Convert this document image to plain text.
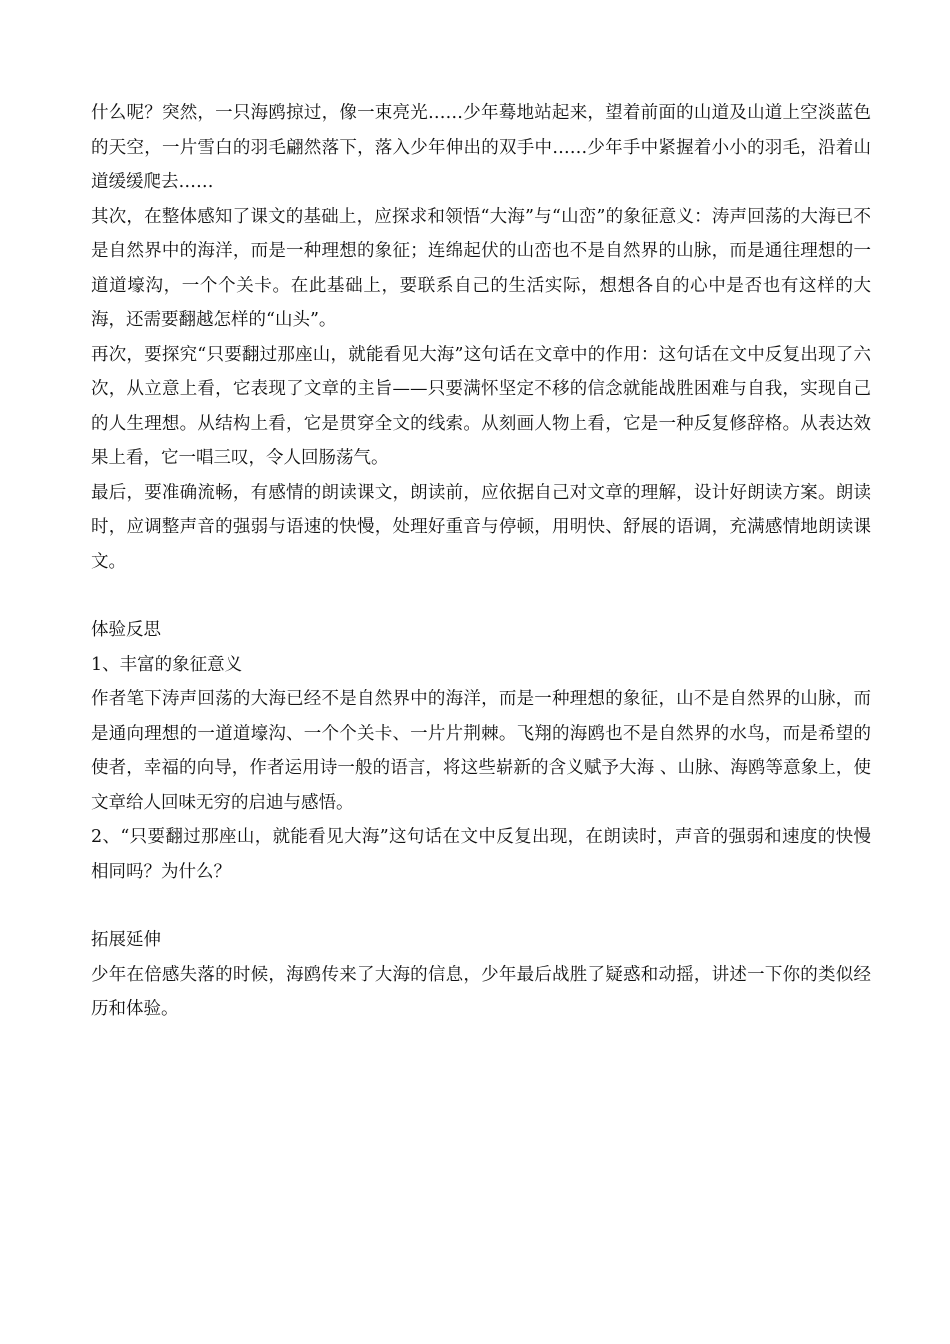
什么呢？突然，一只海鸥掠过，像一束亮光……少年蓦地站起来，望着前面的山道及山道上空淡蓝色的天空，一片雪白的羽毛翩然落下，落入少年伸出的双手中……少年手中紧握着小小的羽毛，沿着山道缓缓爬去……

其次，在整体感知了课文的基础上，应探求和领悟“大海”与“山峦”的象征意义：涛声回荡的大海已不是自然界中的海洋，而是一种理想的象征；连绵起伏的山峦也不是自然界的山脉，而是通往理想的一道道壕沟，一个个关卡。在此基础上，要联系自己的生活实际，想想各自的心中是否也有这样的大海，还需要翻越怎样的“山头”。

再次，要探究“只要翻过那座山，就能看见大海”这句话在文章中的作用：这句话在文中反复出现了六次，从立意上看，它表现了文章的主旨——只要满怀坚定不移的信念就能战胜困难与自我，实现自己的人生理想。从结构上看，它是贯穿全文的线索。从刻画人物上看，它是一种反复修辞格。从表达效果上看，它一唱三叹，令人回肠荡气。

最后，要准确流畅，有感情的朗读课文，朗读前，应依据自己对文章的理解，设计好朗读方案。朗读时，应调整声音的强弱与语速的快慢，处理好重音与停顿，用明快、舒展的语调，充满感情地朗读课文。

体验反思

1、丰富的象征意义

作者笔下涛声回荡的大海已经不是自然界中的海洋，而是一种理想的象征，山不是自然界的山脉，而是通向理想的一道道壕沟、一个个关卡、一片片荆棘。飞翔的海鸥也不是自然界的水鸟，而是希望的使者，幸福的向导，作者运用诗一般的语言，将这些崭新的含义赋予大海 、山脉、海鸥等意象上，使文章给人回味无穷的启迪与感悟。

2、“只要翻过那座山，就能看见大海”这句话在文中反复出现，在朗读时，声音的强弱和速度的快慢相同吗？为什么？

拓展延伸

少年在倍感失落的时候，海鸥传来了大海的信息，少年最后战胜了疑惑和动摇，讲述一下你的类似经历和体验。
